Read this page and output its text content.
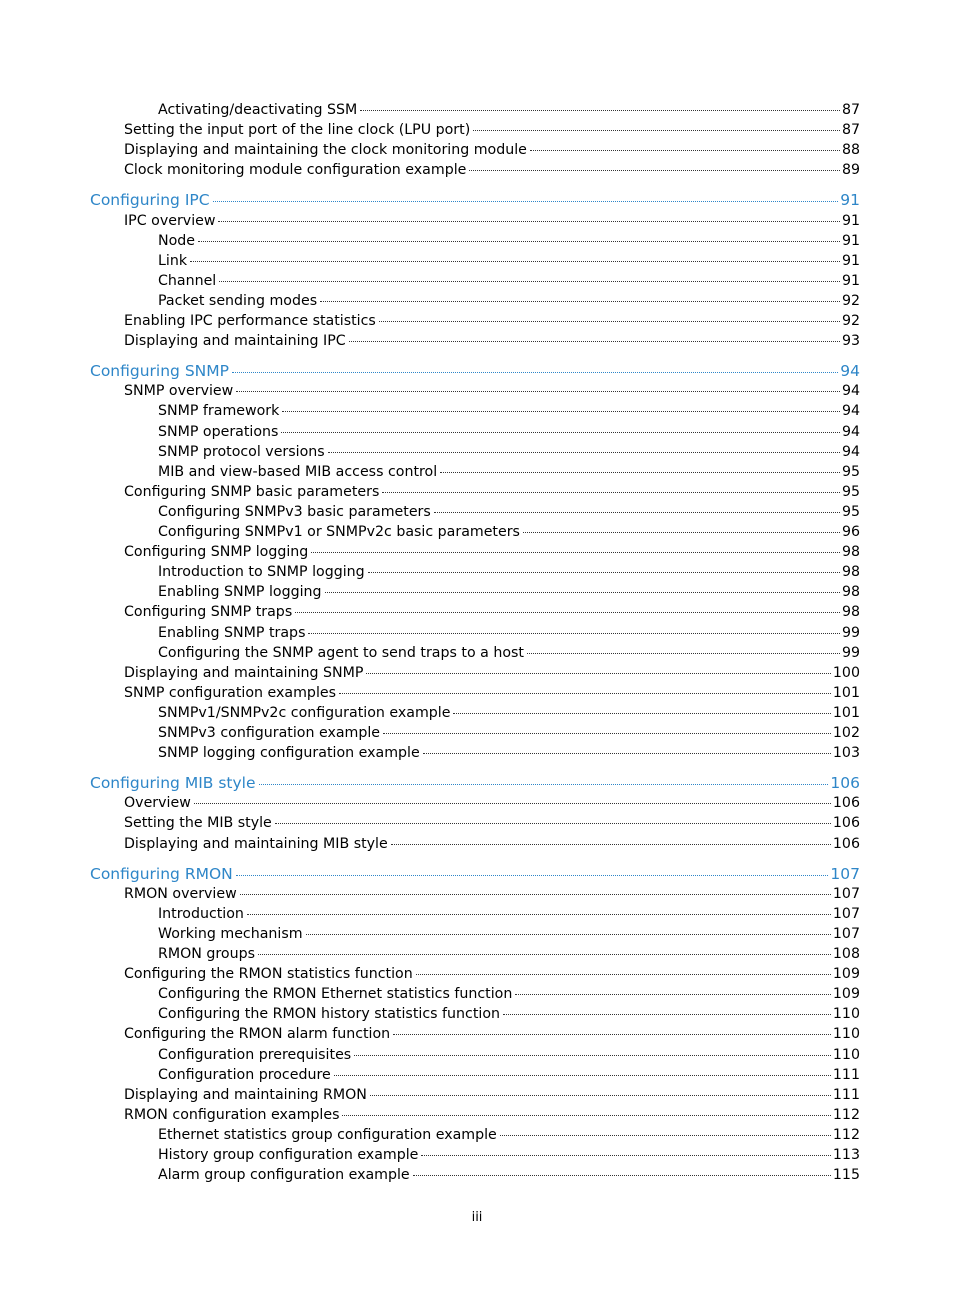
Activating/deactivating SSM	87
Setting the input port of the line clock (LPU port)	87
Displaying and maintaining the clock monitoring module	88
Clock monitoring module configuration example	89
Configuring IPC	91
IPC overview	91
Node	91
Link	91
Channel	91
Packet sending modes	92
Enabling IPC performance statistics	92
Displaying and maintaining IPC	93
Configuring SNMP	94
SNMP overview	94
SNMP framework	94
SNMP operations	94
SNMP protocol versions	94
MIB and view-based MIB access control	95
Configuring SNMP basic parameters	95
Configuring SNMPv3 basic parameters	95
Configuring SNMPv1 or SNMPv2c basic parameters	96
Configuring SNMP logging	98
Introduction to SNMP logging	98
Enabling SNMP logging	98
Configuring SNMP traps	98
Enabling SNMP traps	99
Configuring the SNMP agent to send traps to a host	99
Displaying and maintaining SNMP	100
SNMP configuration examples	101
SNMPv1/SNMPv2c configuration example	101
SNMPv3 configuration example	102
SNMP logging configuration example	103
Configuring MIB style	106
Overview	106
Setting the MIB style	106
Displaying and maintaining MIB style	106
Configuring RMON	107
RMON overview	107
Introduction	107
Working mechanism	107
RMON groups	108
Configuring the RMON statistics function	109
Configuring the RMON Ethernet statistics function	109
Configuring the RMON history statistics function	110
Configuring the RMON alarm function	110
Configuration prerequisites	110
Configuration procedure	111
Displaying and maintaining RMON	111
RMON configuration examples	112
Ethernet statistics group configuration example	112
History group configuration example	113
Alarm group configuration example	115
iii
